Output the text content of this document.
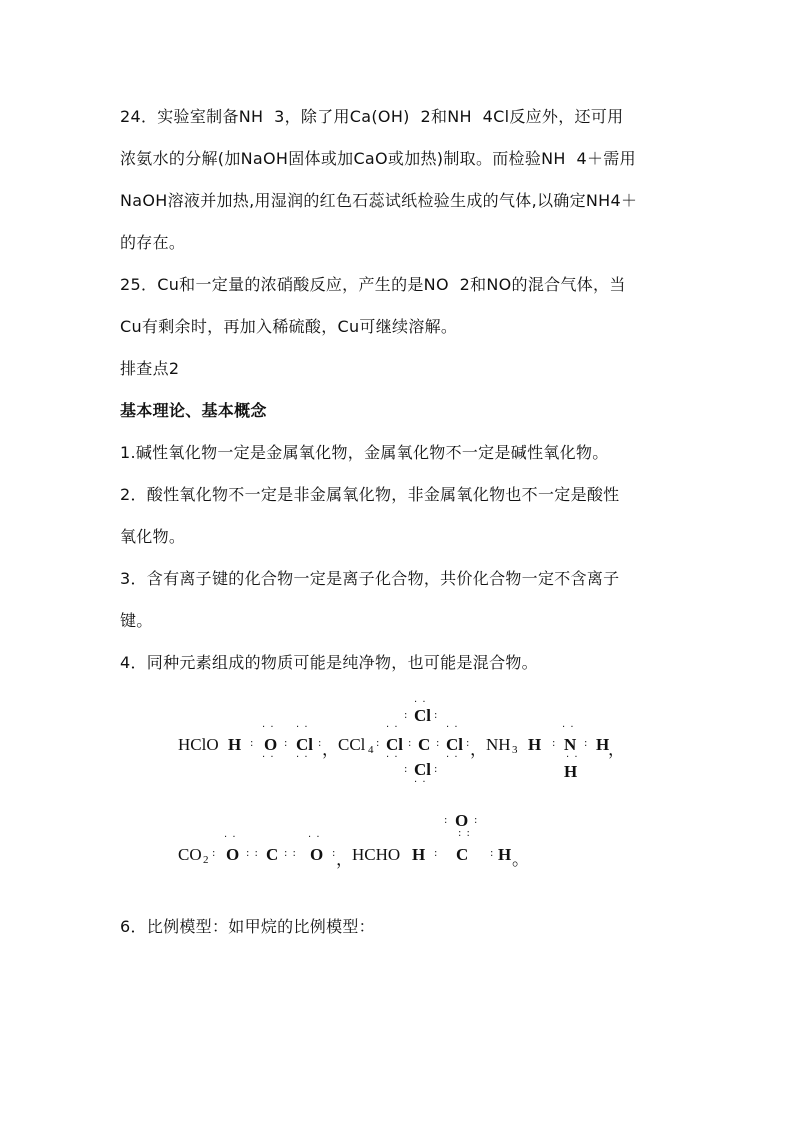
24．实验室制备NH  3，除了用Ca(OH)  2和NH  4Cl反应外，还可用
浓氨水的分解(加NaOH固体或加CaO或加热)制取。而检验NH  4＋需用
NaOH溶液并加热,用湿润的红色石蕊试纸检验生成的气体,以确定NH4＋
的存在。
25．Cu和一定量的浓硝酸反应，产生的是NO  2和NO的混合气体，当
Cu有剩余时，再加入稀硫酸，Cu可继续溶解。
排查点2
基本理论、基本概念
1.碱性氧化物一定是金属氧化物，金属氧化物不一定是碱性氧化物。
2．酸性氧化物不一定是非金属氧化物，非金属氧化物也不一定是酸性
氧化物。
3．含有离子键的化合物一定是离子化合物，共价化合物一定不含离子
键。
4．同种元素组成的物质可能是纯净物，也可能是混合物。
HClO H :
· ·
O
· ·
:
· ·
Cl
· ·
: ， CCl 4
:
· ·
: Cl :
· ·
Cl
· ·
: C :
· ·
Cl
· ·
:
: Cl :
· ·
， NH 3 H :
· ·
N :
· ·
H
，
H
CO 2
:
· ·
O : : C : :
· ·
O : ， HCHO H :
: O :
: :
C : H 。
6．比例模型：如甲烷的比例模型：
